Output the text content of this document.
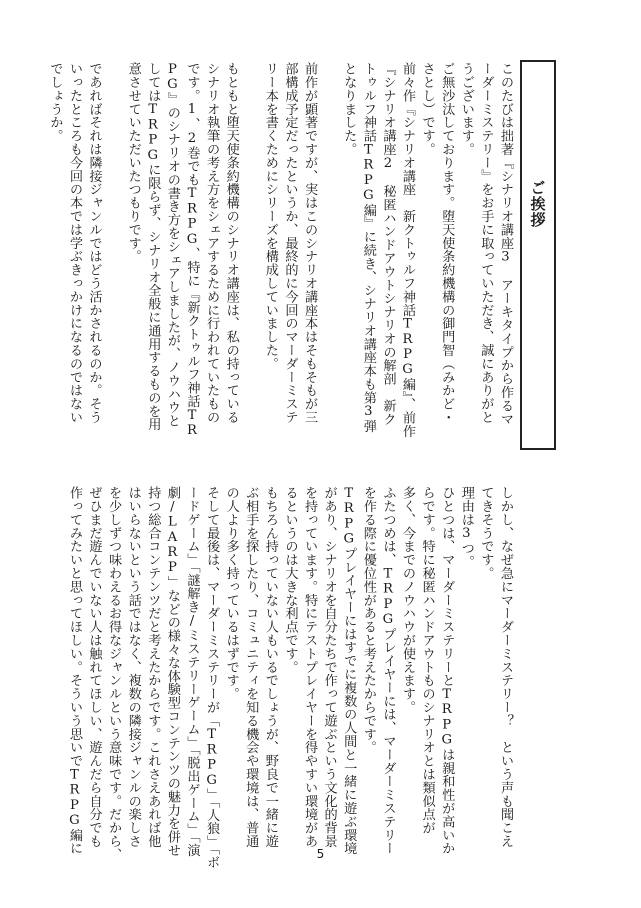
ご挨拶

このたびは拙著『シナリオ講座3　アーキタイプから作るマ
ーダーミステリー』をお手に取っていただき、誠にありがと
うございます。

ご無沙汰しております。堕天使条約機構の御門智（みかど・
さとし）です。
前々作『シナリオ講座　新クトゥルフ神話TRPG編』、前作
『シナリオ講座2　秘匿ハンドアウトシナリオの解剖　新ク
トゥルフ神話TRPG編』に続き、シナリオ講座本も第3弾
となりました。

前作が顕著ですが、実はこのシナリオ講座本はそもそもが三
部構成予定だったというか、最終的に今回のマーダーミステ
リー本を書くためにシリーズを構成していました。

もともと堕天使条約機構のシナリオ講座は、私の持っている
シナリオ執筆の考え方をシェアするために行われていたもの
です。1、2巻でもTRPG、特に『新クトゥルフ神話TR
PG』のシナリオの書き方をシェアしましたが、ノウハウと
してはTRPGに限らず、シナリオ全般に通用するものを用
意させていただいたつもりです。

であればそれは隣接ジャンルではどう活かされるのか。そう
いったところも今回の本では学ぶきっかけになるのではない
でしょうか。

しかし、なぜ急にマーダーミステリー？　という声も聞こえ
てきそうです。

理由は3つ。
ひとつは、マーダーミステリーとTRPGは親和性が高いか
らです。特に秘匿ハンドアウトものシナリオとは類似点が
多く、今までのノウハウが使えます。
ふたつめは、TRPGプレイヤーには、マーダーミステリー
を作る際に優位性があると考えたからです。
TRPGプレイヤーにはすでに複数の人間と一緒に遊ぶ環境
があり、シナリオを自分たちで作って遊ぶという文化的背景
を持っています。特にテストプレイヤーを得やすい環境があ
るというのは大きな利点です。
もちろん持っていない人もいるでしょうが、野良で一緒に遊
ぶ相手を探したり、コミュニティを知る機会や環境は、普通
の人より多く持っているはずです。
そして最後は、マーダーミステリーが「TRPG」「人狼」「ボ
ードゲーム」「謎解き/ミステリーゲーム」「脱出ゲーム」「演
劇/LARP」などの様々な体験型コンテンツの魅力を併せ
持つ総合コンテンツだと考えたからです。これさえあれば他
はいらないという話ではなく、複数の隣接ジャンルの楽しさ
を少しずつ味わえるお得なジャンルという意味です。だから、
ぜひまだ遊んでいない人は触れてほしい、遊んだら自分でも
作ってみたいと思ってほしい。そういう思いでTRPG編に	5
